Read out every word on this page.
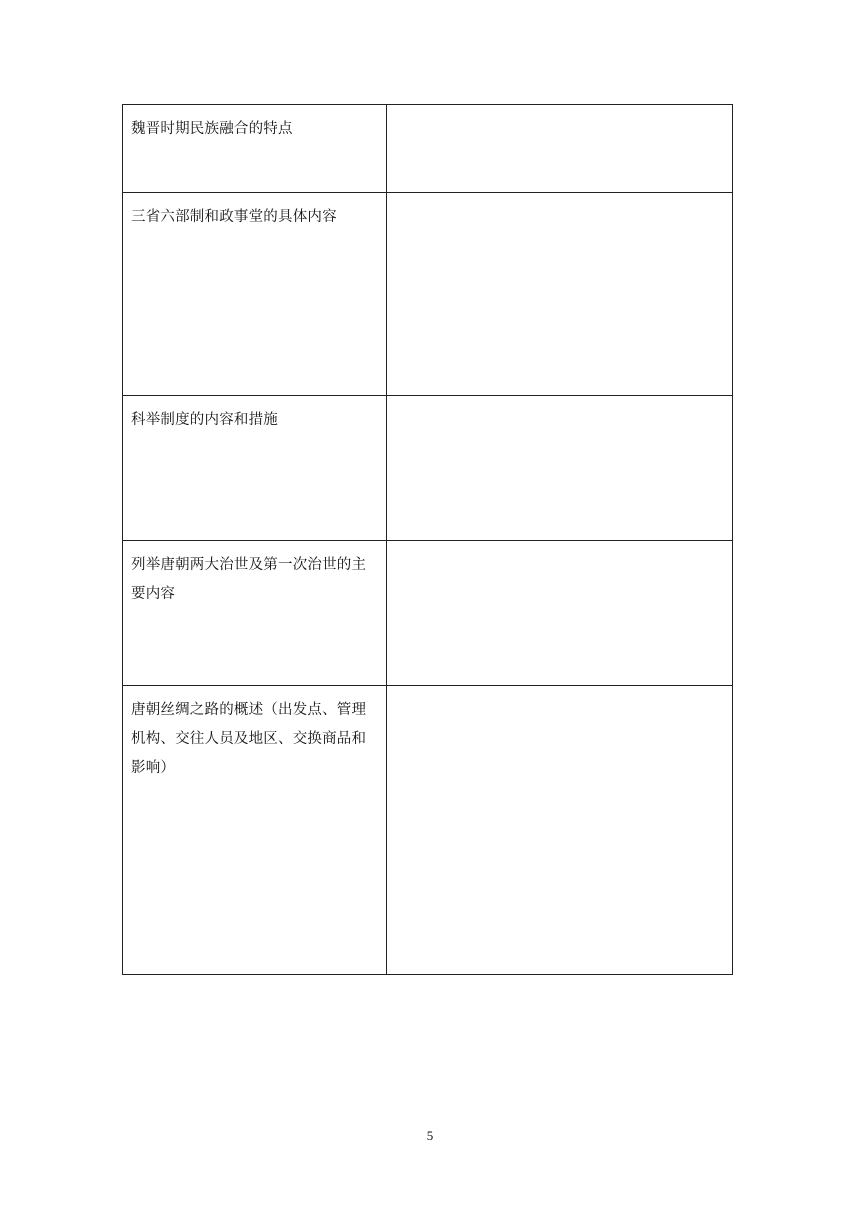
魏晋时期民族融合的特点	

三省六部制和政事堂的具体内容	

科举制度的内容和措施	

列举唐朝两大治世及第一次治世的主要内容	

唐朝丝绸之路的概述（出发点、管理机构、交往人员及地区、交换商品和影响）	

5
